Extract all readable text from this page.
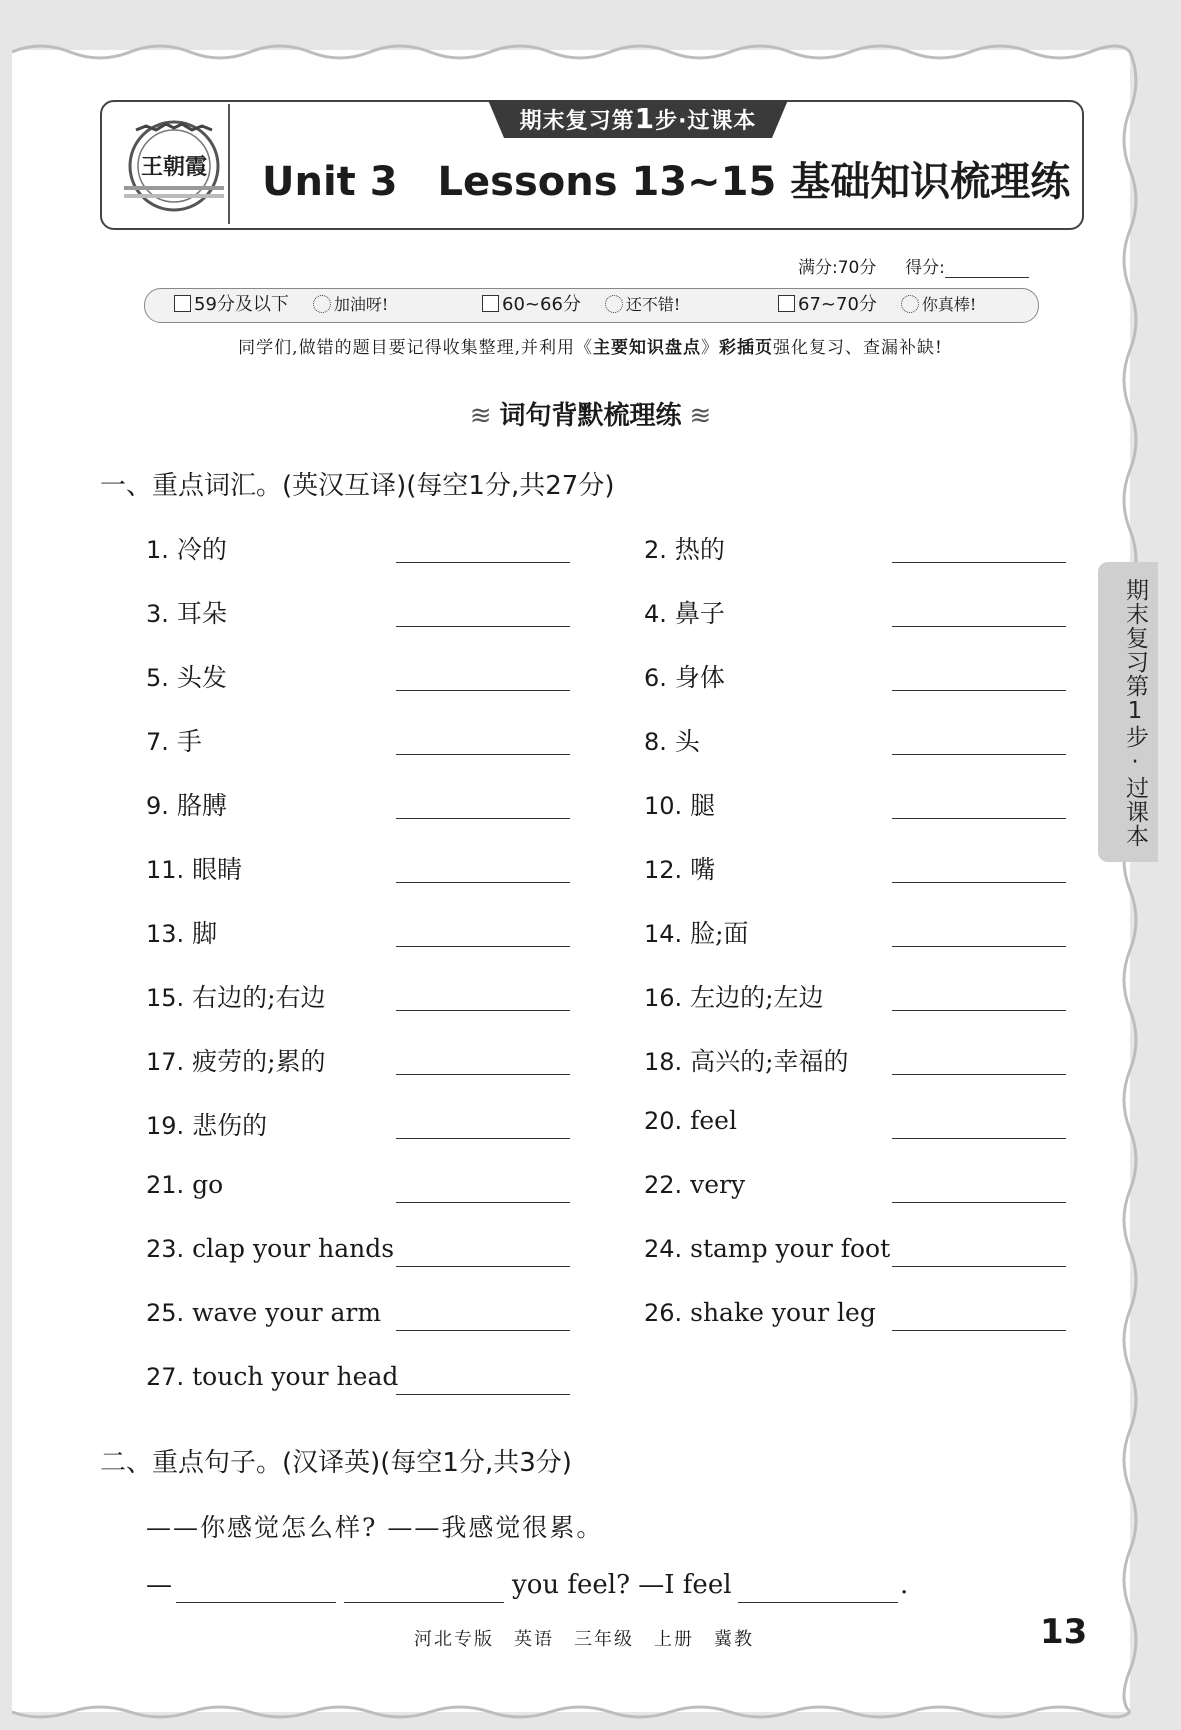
王朝霞
期末复习第1步·过课本
Unit 3　Lessons 13~15 基础知识梳理练
满分:70分 得分:
59分及以下	加油呀!	60~66分	还不错!	67~70分	你真棒!
同学们,做错的题目要记得收集整理,并利用《主要知识盘点》彩插页强化复习、查漏补缺!
≋ 词句背默梳理练 ≋
一、重点词汇。(英汉互译)(每空1分,共27分)
1. 冷的	2. 热的
3. 耳朵	4. 鼻子
5. 头发	6. 身体
7. 手	8. 头
9. 胳膊	10. 腿
11. 眼睛	12. 嘴
13. 脚	14. 脸;面
15. 右边的;右边	16. 左边的;左边
17. 疲劳的;累的	18. 高兴的;幸福的
19. 悲伤的	20. feel
21. go	22. very
23. clap your hands	24. stamp your foot
25. wave your arm	26. shake your leg
27. touch your head
二、重点句子。(汉译英)(每空1分,共3分)
——你感觉怎么样? ——我感觉很累。
—	you feel? —I feel	.
河北专版 英语 三年级 上册 冀教	13
期末复习第1步·过课本
